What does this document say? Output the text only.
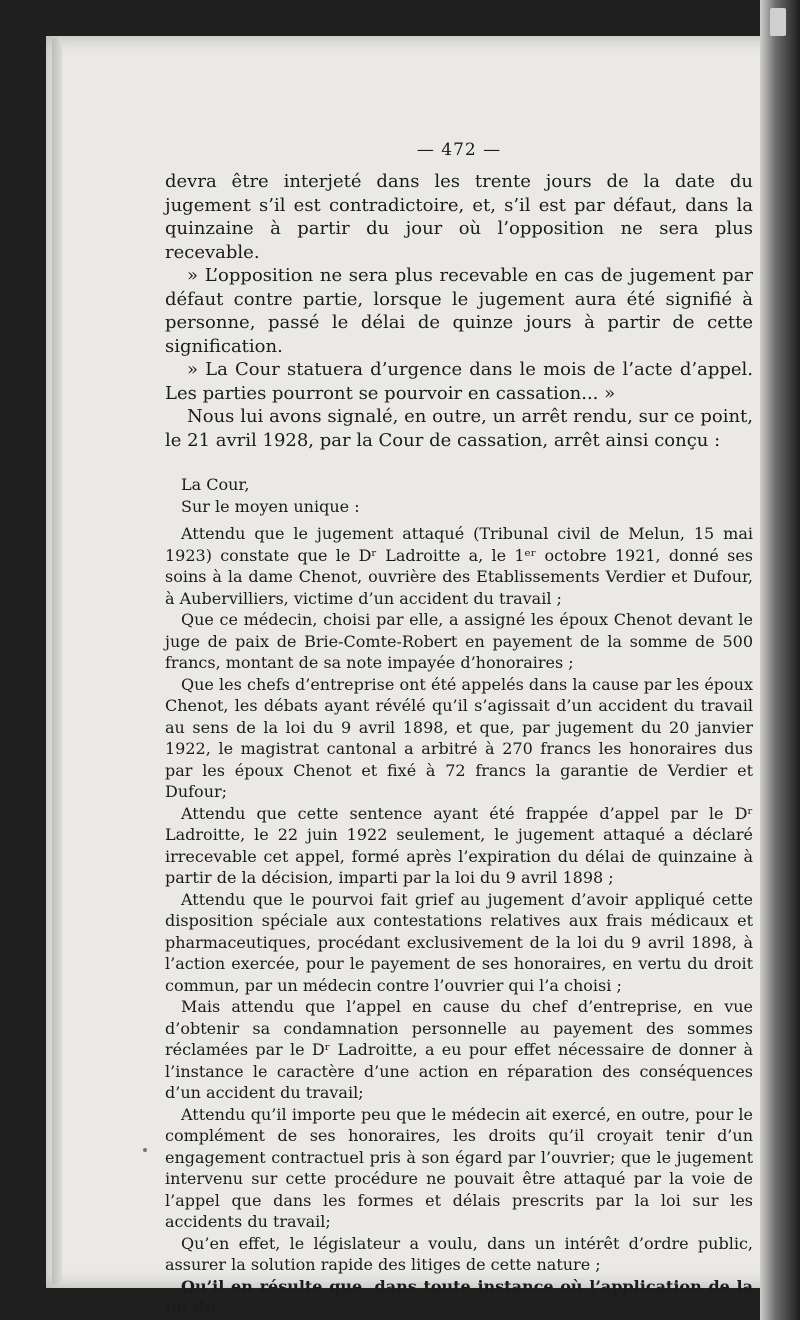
— 472 —

devra être interjeté dans les trente jours de la date du jugement s’il est contradictoire, et, s’il est par défaut, dans la quinzaine à partir du jour où l’opposition ne sera plus recevable.

» L’opposition ne sera plus recevable en cas de jugement par défaut contre partie, lorsque le jugement aura été signifié à personne, passé le délai de quinze jours à partir de cette signification.

» La Cour statuera d’urgence dans le mois de l’acte d’appel. Les parties pourront se pourvoir en cassation... »

Nous lui avons signalé, en outre, un arrêt rendu, sur ce point, le 21 avril 1928, par la Cour de cassation, arrêt ainsi conçu :

La Cour,

Sur le moyen unique :

Attendu que le jugement attaqué (Tribunal civil de Melun, 15 mai 1923) constate que le Dʳ Ladroitte a, le 1ᵉʳ octobre 1921, donné ses soins à la dame Chenot, ouvrière des Etablissements Verdier et Dufour, à Aubervilliers, victime d’un accident du travail ;

Que ce médecin, choisi par elle, a assigné les époux Chenot devant le juge de paix de Brie-Comte-Robert en payement de la somme de 500 francs, montant de sa note impayée d’honoraires ;

Que les chefs d’entreprise ont été appelés dans la cause par les époux Chenot, les débats ayant révélé qu’il s’agissait d’un accident du travail au sens de la loi du 9 avril 1898, et que, par jugement du 20 janvier 1922, le magistrat cantonal a arbitré à 270 francs les honoraires dus par les époux Chenot et fixé à 72 francs la garantie de Verdier et Dufour;

Attendu que cette sentence ayant été frappée d’appel par le Dʳ Ladroitte, le 22 juin 1922 seulement, le jugement attaqué a déclaré irrecevable cet appel, formé après l’expiration du délai de quinzaine à partir de la décision, imparti par la loi du 9 avril 1898 ;

Attendu que le pourvoi fait grief au jugement d’avoir appliqué cette disposition spéciale aux contestations relatives aux frais médicaux et pharmaceutiques, procédant exclusivement de la loi du 9 avril 1898, à l’action exercée, pour le payement de ses honoraires, en vertu du droit commun, par un médecin contre l’ouvrier qui l’a choisi ;

Mais attendu que l’appel en cause du chef d’entreprise, en vue d’obtenir sa condamnation personnelle au payement des sommes réclamées par le Dʳ Ladroitte, a eu pour effet nécessaire de donner à l’instance le caractère d’une action en réparation des conséquences d’un accident du travail;

Attendu qu’il importe peu que le médecin ait exercé, en outre, pour le complément de ses honoraires, les droits qu’il croyait tenir d’un engagement contractuel pris à son égard par l’ouvrier; que le jugement intervenu sur cette procédure ne pouvait être attaqué par la voie de l’appel que dans les formes et délais prescrits par la loi sur les accidents du travail;

Qu’en effet, le législateur a voulu, dans un intérêt d’ordre public, assurer la solution rapide des litiges de cette nature ;

Qu’il en résulte que, dans toute instance où l’application de la loi du
